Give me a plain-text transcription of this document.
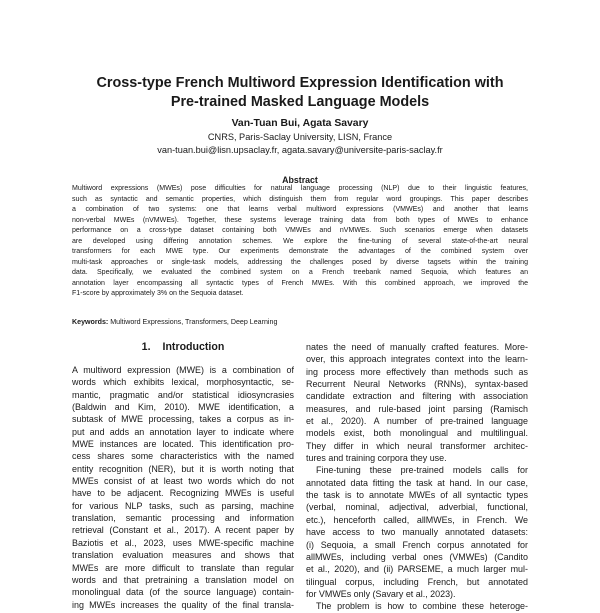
Cross-type French Multiword Expression Identification with
Pre-trained Masked Language Models
Van-Tuan Bui, Agata Savary
CNRS, Paris-Saclay University, LISN, France
van-tuan.bui@lisn.upsaclay.fr, agata.savary@universite-paris-saclay.fr
Abstract
Multiword expressions (MWEs) pose difficulties for natural language processing (NLP) due to their linguistic features,
such as syntactic and semantic properties, which distinguish them from regular word groupings. This paper describes
a combination of two systems: one that learns verbal multiword expressions (VMWEs) and another that learns
non-verbal MWEs (nVMWEs). Together, these systems leverage training data from both types of MWEs to enhance
performance on a cross-type dataset containing both VMWEs and nVMWEs. Such scenarios emerge when datasets
are developed using differing annotation schemes. We explore the fine-tuning of several state-of-the-art neural
transformers for each MWE type. Our experiments demonstrate the advantages of the combined system over
multi-task approaches or single-task models, addressing the challenges posed by diverse tagsets within the training
data. Specifically, we evaluated the combined system on a French treebank named Sequoia, which features an
annotation layer encompassing all syntactic types of French MWEs. With this combined approach, we improved the
F1-score by approximately 3% on the Sequoia dataset.
Keywords: Multiword Expressions, Transformers, Deep Learning
1. Introduction
A multiword expression (MWE) is a combination of
words which exhibits lexical, morphosyntactic, se-
mantic, pragmatic and/or statistical idiosyncrasies
(Baldwin and Kim, 2010). MWE identification, a
subtask of MWE processing, takes a corpus as in-
put and adds an annotation layer to indicate where
MWE instances are located. This identification pro-
cess shares some characteristics with the named
entity recognition (NER), but it is worth noting that
MWEs consist of at least two words which do not
have to be adjacent. Recognizing MWEs is useful
for various NLP tasks, such as parsing, machine
translation, semantic processing and information
retrieval (Constant et al., 2017). A recent paper by
Baziotis et al., 2023, uses MWE-specific machine
translation evaluation measures and shows that
MWEs are more difficult to translate than regular
words and that pretraining a translation model on
monolingual data (of the source language) contain-
ing MWEs increases the quality of the final transla-
nates the need of manually crafted features. More-
over, this approach integrates context into the learn-
ing process more effectively than methods such as
Recurrent Neural Networks (RNNs), syntax-based
candidate extraction and filtering with association
measures, and rule-based joint parsing (Ramisch
et al., 2020). A number of pre-trained language
models exist, both monolingual and multilingual.
They differ in which neural transformer architec-
tures and training corpora they use.
Fine-tuning these pre-trained models calls for
annotated data fitting the task at hand. In our case,
the task is to annotate MWEs of all syntactic types
(verbal, nominal, adjectival, adverbial, functional,
etc.), henceforth called, allMWEs, in French. We
have access to two manually annotated datasets:
(i) Sequoia, a small French corpus annotated for
allMWEs, including verbal ones (VMWEs) (Candito
et al., 2020), and (ii) PARSEME, a much larger mul-
tilingual corpus, including French, but annotated
for VMWEs only (Savary et al., 2023).
The problem is how to combine these heteroge-
